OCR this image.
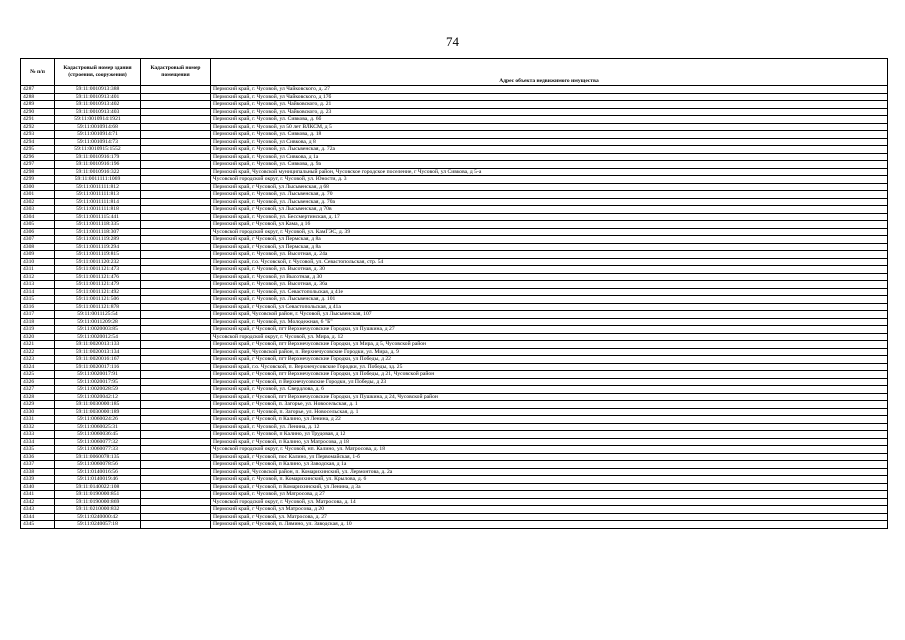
74
№ п/п	Кадастровый номер здания (строения, сооружения)	Кадастровый номер помещения	
			Адрес объекта недвижимого имущества
4287	59:11:0010913:388		Пермский край, г. Чусовой, ул Чайковского, д. 27
4288	59:11:0010913:401		Пермский край, г. Чусовой, ул Чайковского, д 17б
4289	59:11:0010913:402		Пермский край, г. Чусовой, ул. Чайковского, д. 21
4290	59:11:0010913:403		Пермский край, г. Чусовой, ул. Чайковского, д. 23
4291	59:11:0010914:1921		Пермский край, г. Чусовой, ул. Сивкова, д. 6б
4292	59:11:0010914:68		Пермский край, г. Чусовой, ул 50 лет ВЛКСМ, д 5
4293	59:11:0010914:71		Пермский край, г. Чусовой, ул. Сивкова, д. 18
4294	59:11:0010914:73		Пермский край, г. Чусовой, ул Сивкова, д 8
4295	59:11:0010915:1552		Пермский край, г. Чусовой, ул. Лысьвенская, д. 72а
4296	59:11:0010916:179		Пермский край, г. Чусовой, ул Сивкова, д 1а
4297	59:11:0010916:196		Пермский край, г. Чусовой, ул. Сивкова, д. 9а
4298	59:11:0010916:322		Пермский край, Чусовской муниципальный район, Чусовское городское поселение, г Чусовой, ул Сивкова, д 5-а
4299	59:11:0011111:1069		Чусовской городской округ, г. Чусовой, ул. Юности, д. 3
4300	59:11:0011111:812		Пермский край, г Чусовой, ул Лысьвенская, д 68
4301	59:11:0011111:813		Пермский край, г. Чусовой, ул. Лысьвенская, д. 70
4302	59:11:0011111:814		Пермский край, г. Чусовой, ул. Лысьвенская, д. 70а
4303	59:11:0011111:818		Пермский край, г Чусовой, ул Лысьвенская, д 70в
4304	59:11:0011115:441		Пермский край, г. Чусовой, ул. Бессмертинская, д. 17
4305	59:11:0011118:335		Пермский край, г Чусовой, ул Кама, д 16
4306	59:11:0011118:307		Чусовской городской округ, г. Чусовой, ул. КамГЭС, д. 39
4307	59:11:0011119:289		Пермский край, г Чусовой, ул Пермская, д 8а
4308	59:11:0011119:294		Пермский край, г Чусовой, ул Пермская, д 8а
4309	59:11:0011119:815		Пермский край, г. Чусовой, ул. Высотная, д. 24а
4310	59:11:0011120:232		Пермский край, г.о. Чусовской, г. Чусовой, ул. Севастопольская, стр. 54
4311	59:11:0011121:473		Пермский край, г. Чусовой, ул. Высотная, д. 30
4312	59:11:0011121:476		Пермский край, г. Чусовой, ул Высотная, д 30
4313	59:11:0011121:479		Пермский край, г. Чусовой, ул. Высотная, д. 36а
4314	59:11:0011121:492		Пермский край, г. Чусовой, ул. Севастопольская, д 41е
4315	59:11:0011121:506		Пермский край, г. Чусовой, ул. Лысьвенская, д. 101
4316	59:11:0011121:878		Пермский край, г Чусовой, ул Севастопольская, д 41а
4317	59:11:0011125:54		Пермский край, Чусовской район, г. Чусовой, ул Лысьвенская, 107
4318	59:11:0011209:28		Пермский край, г. Чусовой, ул. Молодежная, 6 "Б"
4319	59:11:0020003:85		Пермский край, г Чусовой, пгт Верхнечусовские Городки, ул Пушкина, д 27
4320	59:11:0020012:54		Чусовской городской округ, г. Чусовой, ул. Мира, д. 12
4321	59:11:0020013:133		Пермский край, г Чусовой, пгт Верхнечусовские Городки, ул Мира, д 5, Чусовской район
4322	59:11:0020013:134		Пермский край, Чусовской район, п. Верхнечусовские Городки, ул. Мира, д. 9
4323	59:11:0020016:167		Пермский край, г Чусовой, пгт Верхнечусовские Городки, ул Победы, д 22
4324	59:11:0020017:116		Пермский край, г.о. Чусовской, п. Верхнечусовские Городки, ул. Победы, зд. 25
4325	59:11:0020017:91		Пермский край, г Чусовой, пгт Верхнечусовские Городки, ул Победы, д 21, Чусовской район
4326	59:11:0020017:95		Пермский край, г Чусовой, п Верхнечусовские Городки, ул Победы, д 23
4327	59:11:0020028:59		Пермский край, г. Чусовой, ул. Свердлова, д. 6
4328	59:11:0020042:12		Пермский край, г Чусовой, пгт Верхнечусовские Городки, ул Пушкина, д 24, Чусовской район
4329	59:11:0030000:185		Пермский край, г Чусовой, п. Загорье, ул. Новосельская, д. 1
4330	59:11:0030000:189		Пермский край, г. Чусовой, п. Загорье, ул. Новосельская, д. 1
4331	59:11:0060024:26		Пермский край, г Чусовой, п Калино, ул Ленина, д 22
4332	59:11:0060025:31		Пермский край, г. Чусовой, ул. Ленина, д. 12
4333	59:11:0060036:45		Пермский край, г. Чусовой, п Калино, ул Трудовая, д 12
4334	59:11:0060077:32		Пермский край, г Чусовой, п Калино, ул Матросова, д 18
4335	59:11:0060077:33		Чусовской городской округ, г. Чусовой, нп. Калино, ул. Матросова, д. 18
4336	59:11:0060078:135		Пермский край, г Чусовой, пос Калино, ул Первомайская, 1-б
4337	59:11:0060078:56		Пермский край, г Чусовой, п Калино, ул Заводская, д 1а
4338	59:11:0140016:56		Пермский край, Чусовской район, п. Комарихинский, ул. Лермонтова, д. 2а
4339	59:11:0140019:46		Пермский край, г. Чусовой, п. Комарихинский, ул. Крылова, д. 6
4340	59:11:0140022:108		Пермский край, г Чусовой, п Комарихинский, ул Ленина, д 3а
4341	59:11:0190000:851		Пермский край, г. Чусовой, ул Матросова, д 27
4342	59:11:0190000:869		Чусовской городской округ, г. Чусовой, ул. Матросова, д. 14
4343	59:11:0210000:832		Пермский край, г Чусовой, ул Матросова, д 20
4344	59:11:0240000:42		Пермский край, г Чусовой, ул. Матросова, д. 27
4345	59:11:0240057:18		Пермский край, г Чусовой, п. Лямино, ул. Заводская, д. 10
